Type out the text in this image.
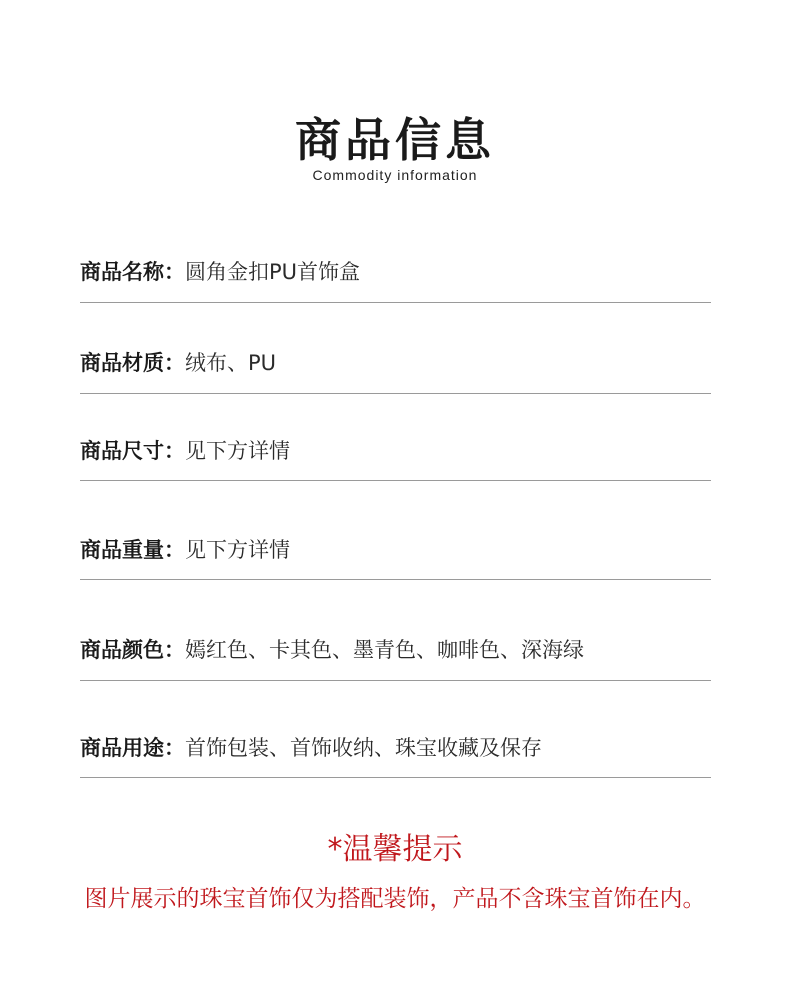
商品信息
Commodity information
商品名称：圆角金扣PU首饰盒
商品材质：绒布、PU
商品尺寸：见下方详情
商品重量：见下方详情
商品颜色：嫣红色、卡其色、墨青色、咖啡色、深海绿
商品用途：首饰包装、首饰收纳、珠宝收藏及保存
*温馨提示
图片展示的珠宝首饰仅为搭配装饰，产品不含珠宝首饰在内。
